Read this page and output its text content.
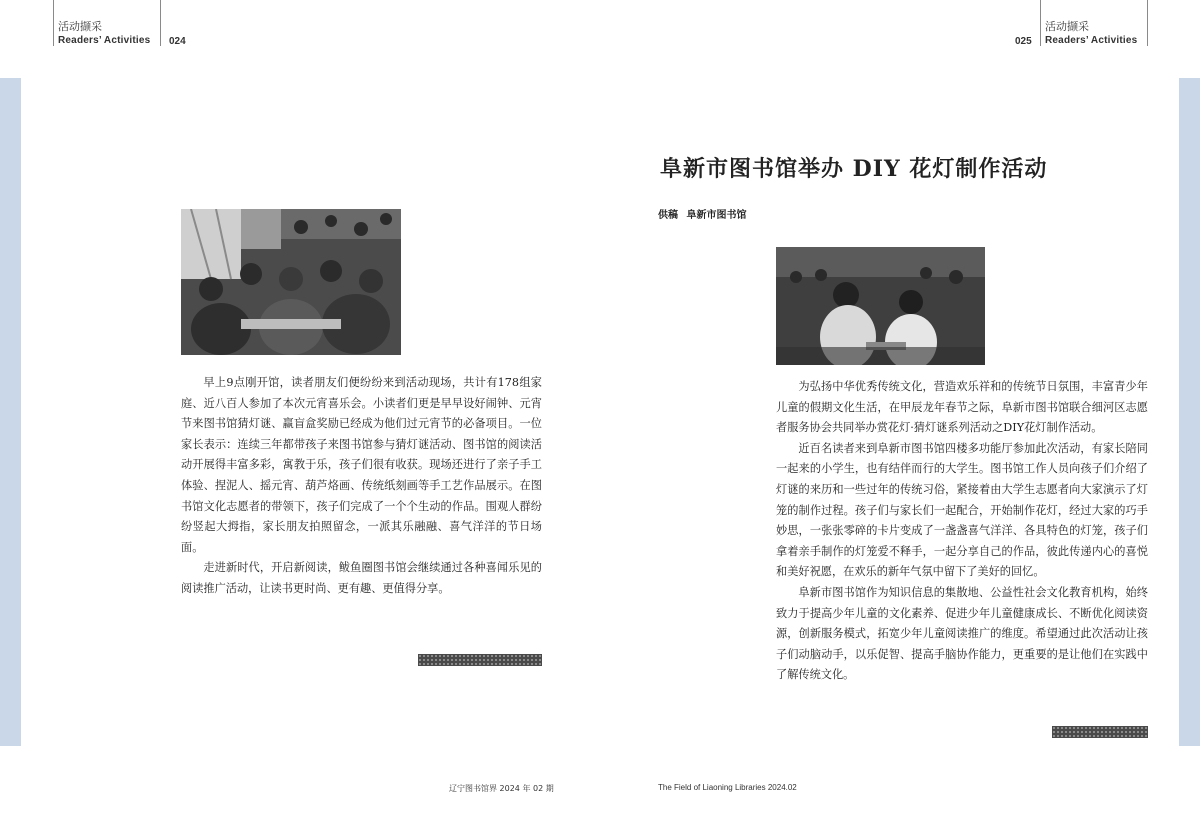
活动撷采
Readers’ Activities 024	025
活动撷采
Readers’ Activities
阜新市图书馆举办 DIY 花灯制作活动
供稿 阜新市图书馆

早上9点刚开馆，读者朋友们便纷纷来到活动现场，共计有178组家庭、近八百人参加了本次元宵喜乐会。小读者们更是早早设好闹钟、元宵节来图书馆猜灯谜、赢盲盒奖励已经成为他们过元宵节的必备项目。一位家长表示：连续三年都带孩子来图书馆参与猜灯谜活动、图书馆的阅读活动开展得丰富多彩，寓教于乐，孩子们很有收获。现场还进行了亲子手工体验、捏泥人、摇元宵、葫芦烙画、传统纸刻画等手工艺作品展示。在图书馆文化志愿者的带领下，孩子们完成了一个个生动的作品。围观人群纷纷竖起大拇指，家长朋友拍照留念，一派其乐融融、喜气洋洋的节日场面。

走进新时代，开启新阅读，鲅鱼圈图书馆会继续通过各种喜闻乐见的阅读推广活动，让读书更时尚、更有趣、更值得分享。

为弘扬中华优秀传统文化，营造欢乐祥和的传统节日氛围，丰富青少年儿童的假期文化生活，在甲辰龙年春节之际，阜新市图书馆联合细河区志愿者服务协会共同举办赏花灯·猜灯谜系列活动之DIY花灯制作活动。

近百名读者来到阜新市图书馆四楼多功能厅参加此次活动，有家长陪同一起来的小学生，也有结伴而行的大学生。图书馆工作人员向孩子们介绍了灯谜的来历和一些过年的传统习俗，紧接着由大学生志愿者向大家演示了灯笼的制作过程。孩子们与家长们一起配合，开始制作花灯，经过大家的巧手妙思，一张张零碎的卡片变成了一盏盏喜气洋洋、各具特色的灯笼，孩子们拿着亲手制作的灯笼爱不释手，一起分享自己的作品，彼此传递内心的喜悦和美好祝愿，在欢乐的新年气氛中留下了美好的回忆。

阜新市图书馆作为知识信息的集散地、公益性社会文化教育机构，始终致力于提高少年儿童的文化素养、促进少年儿童健康成长、不断优化阅读资源，创新服务模式，拓宽少年儿童阅读推广的维度。希望通过此次活动让孩子们动脑动手，以乐促智、提高手脑协作能力，更重要的是让他们在实践中了解传统文化。

辽宁图书馆界 2024 年 02 期	The Field of Liaoning Libraries 2024.02
